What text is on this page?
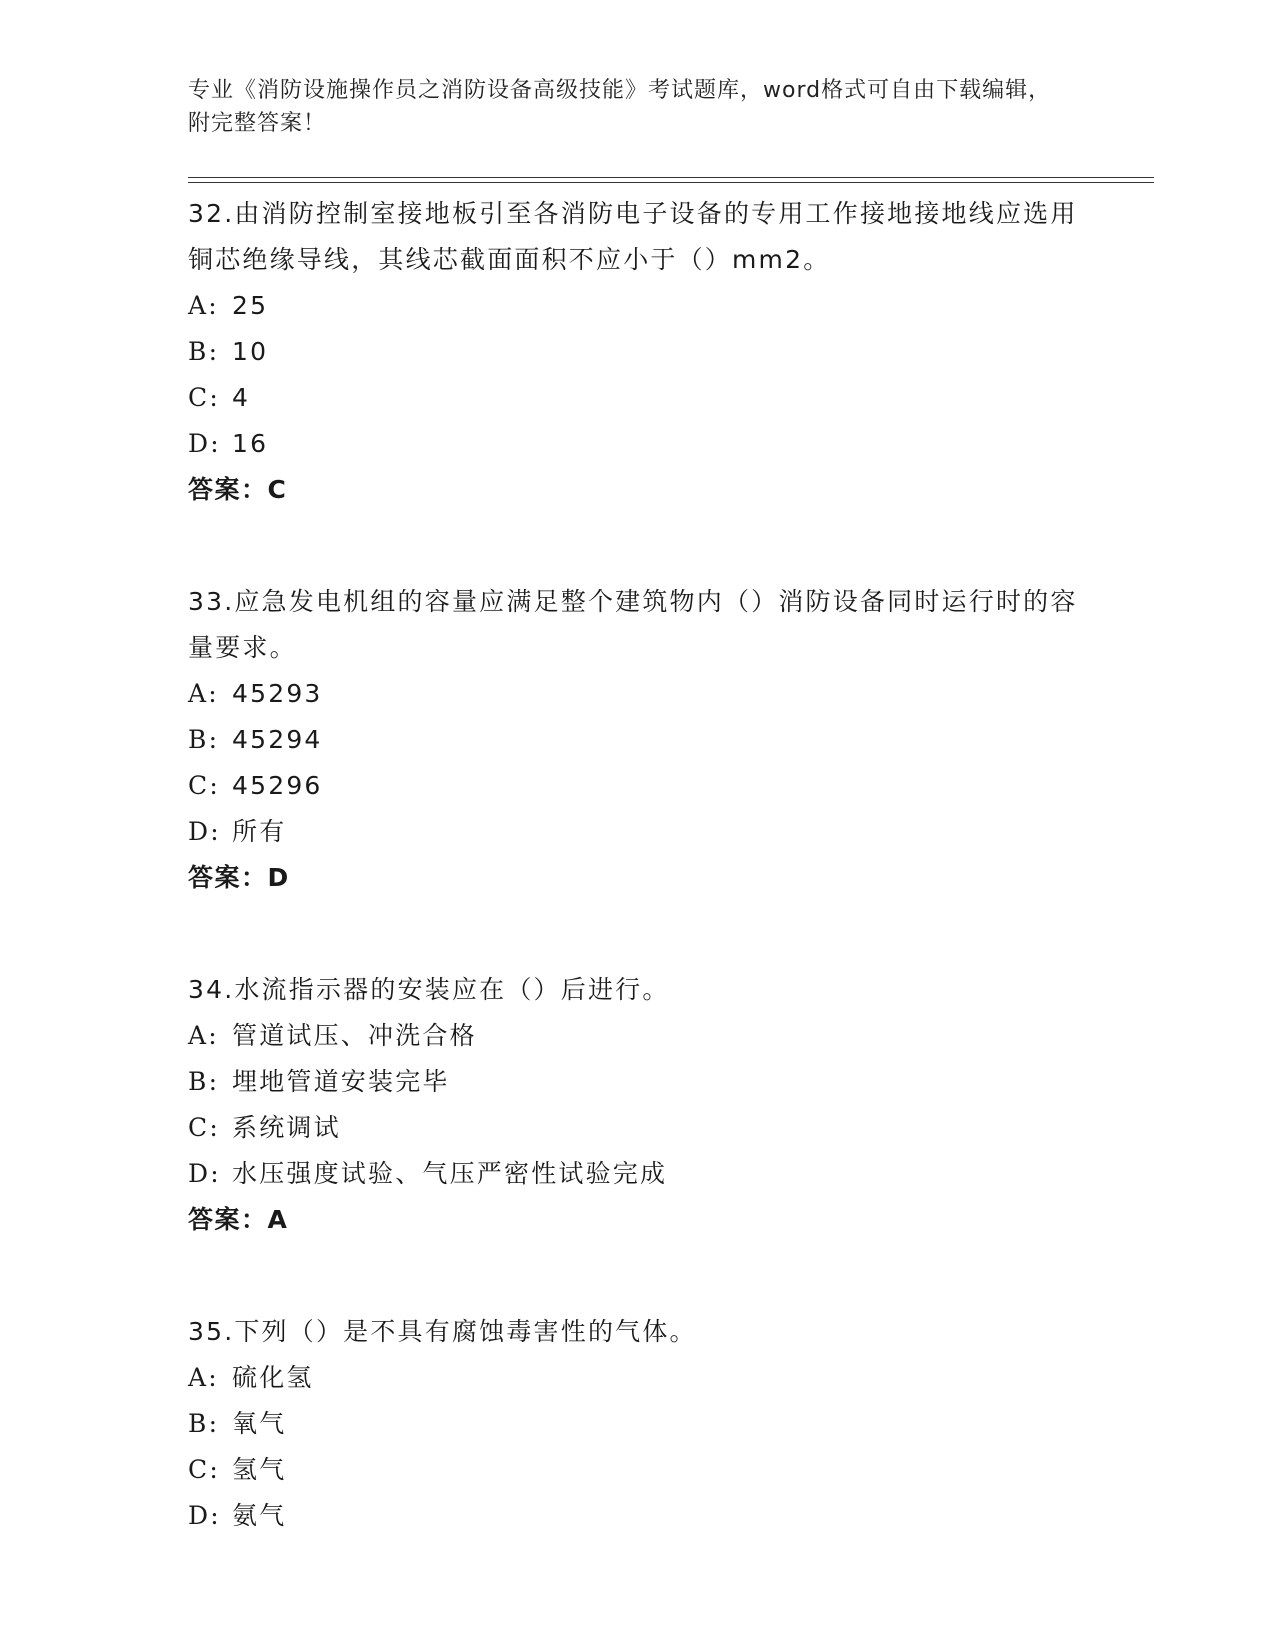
专业《消防设施操作员之消防设备高级技能》考试题库，word格式可自由下载编辑，附完整答案！
32.由消防控制室接地板引至各消防电子设备的专用工作接地接地线应选用铜芯绝缘导线，其线芯截面面积不应小于（）mm2。
A: 25
B: 10
C: 4
D: 16
答案：C
33.应急发电机组的容量应满足整个建筑物内（）消防设备同时运行时的容量要求。
A: 45293
B: 45294
C: 45296
D: 所有
答案：D
34.水流指示器的安装应在（）后进行。
A: 管道试压、冲洗合格
B: 埋地管道安装完毕
C: 系统调试
D: 水压强度试验、气压严密性试验完成
答案：A
35.下列（）是不具有腐蚀毒害性的气体。
A: 硫化氢
B: 氧气
C: 氢气
D: 氨气
